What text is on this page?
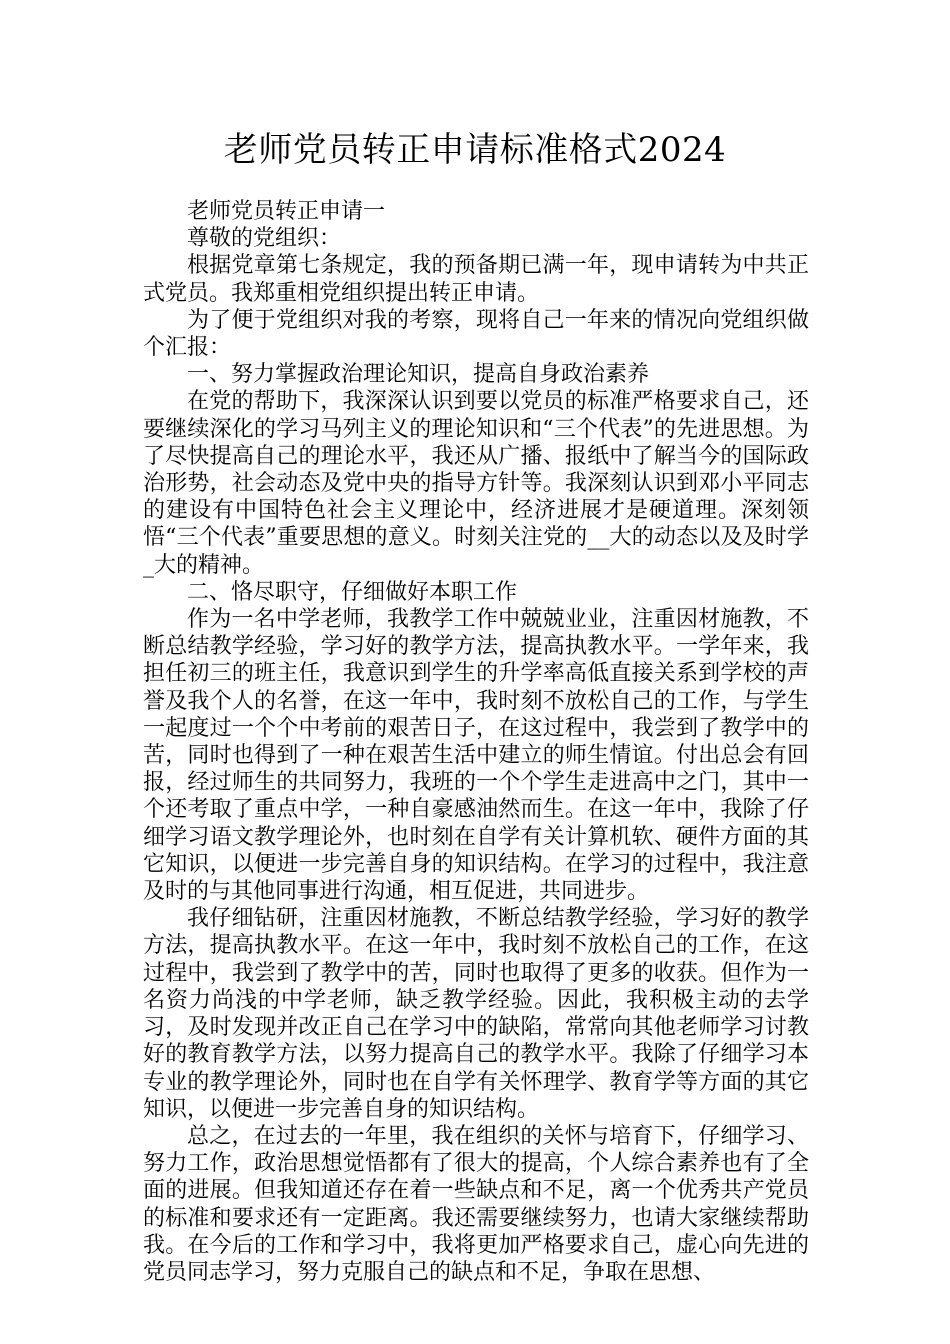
老师党员转正申请标准格式2024

老师党员转正申请一

尊敬的党组织：

根据党章第七条规定，我的预备期已满一年，现申请转为中共正式党员。我郑重相党组织提出转正申请。

为了便于党组织对我的考察，现将自己一年来的情况向党组织做个汇报：

一、努力掌握政治理论知识，提高自身政治素养

在党的帮助下，我深深认识到要以党员的标准严格要求自己，还要继续深化的学习马列主义的理论知识和“三个代表”的先进思想。为了尽快提高自己的理论水平，我还从广播、报纸中了解当今的国际政治形势，社会动态及党中央的指导方针等。我深刻认识到邓小平同志的建设有中国特色社会主义理论中，经济进展才是硬道理。深刻领悟“三个代表”重要思想的意义。时刻关注党的__大的动态以及及时学_大的精神。

二、恪尽职守，仔细做好本职工作

作为一名中学老师，我教学工作中兢兢业业，注重因材施教，不断总结教学经验，学习好的教学方法，提高执教水平。一学年来，我担任初三的班主任，我意识到学生的升学率高低直接关系到学校的声誉及我个人的名誉，在这一年中，我时刻不放松自己的工作，与学生一起度过一个个中考前的艰苦日子，在这过程中，我尝到了教学中的苦，同时也得到了一种在艰苦生活中建立的师生情谊。付出总会有回报，经过师生的共同努力，我班的一个个学生走进高中之门，其中一个还考取了重点中学，一种自豪感油然而生。在这一年中，我除了仔细学习语文教学理论外，也时刻在自学有关计算机软、硬件方面的其它知识，以便进一步完善自身的知识结构。在学习的过程中，我注意及时的与其他同事进行沟通，相互促进，共同进步。

我仔细钻研，注重因材施教，不断总结教学经验，学习好的教学方法，提高执教水平。在这一年中，我时刻不放松自己的工作，在这过程中，我尝到了教学中的苦，同时也取得了更多的收获。但作为一名资力尚浅的中学老师，缺乏教学经验。因此，我积极主动的去学习，及时发现并改正自己在学习中的缺陷，常常向其他老师学习讨教好的教育教学方法，以努力提高自己的教学水平。我除了仔细学习本专业的教学理论外，同时也在自学有关怀理学、教育学等方面的其它知识，以便进一步完善自身的知识结构。

总之，在过去的一年里，我在组织的关怀与培育下，仔细学习、努力工作，政治思想觉悟都有了很大的提高，个人综合素养也有了全面的进展。但我知道还存在着一些缺点和不足，离一个优秀共产党员的标准和要求还有一定距离。我还需要继续努力，也请大家继续帮助我。在今后的工作和学习中，我将更加严格要求自己，虚心向先进的党员同志学习，努力克服自己的缺点和不足，争取在思想、
